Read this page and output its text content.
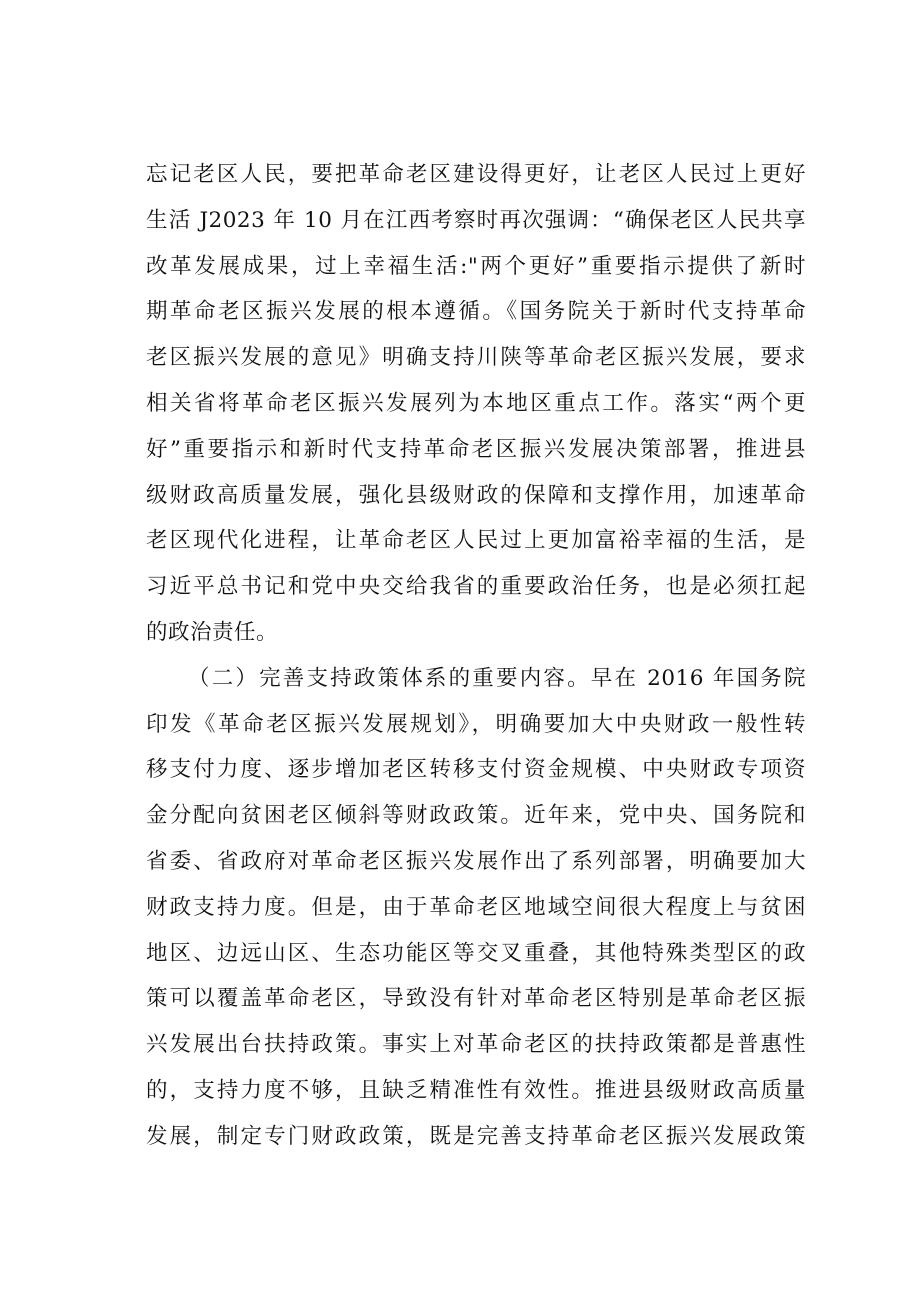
忘记老区人民，要把革命老区建设得更好，让老区人民过上更好
生活 J2023 年 10 月在江西考察时再次强调：“确保老区人民共享
改革发展成果，过上幸福生活:"两个更好”重要指示提供了新时
期革命老区振兴发展的根本遵循。《国务院关于新时代支持革命
老区振兴发展的意见》明确支持川陕等革命老区振兴发展，要求
相关省将革命老区振兴发展列为本地区重点工作。落实“两个更
好”重要指示和新时代支持革命老区振兴发展决策部署，推进县
级财政高质量发展，强化县级财政的保障和支撑作用，加速革命
老区现代化进程，让革命老区人民过上更加富裕幸福的生活，是
习近平总书记和党中央交给我省的重要政治任务，也是必须扛起
的政治责任。
（二）完善支持政策体系的重要内容。早在 2016 年国务院
印发《革命老区振兴发展规划》，明确要加大中央财政一般性转
移支付力度、逐步增加老区转移支付资金规模、中央财政专项资
金分配向贫困老区倾斜等财政政策。近年来，党中央、国务院和
省委、省政府对革命老区振兴发展作出了系列部署，明确要加大
财政支持力度。但是，由于革命老区地域空间很大程度上与贫困
地区、边远山区、生态功能区等交叉重叠，其他特殊类型区的政
策可以覆盖革命老区，导致没有针对革命老区特别是革命老区振
兴发展出台扶持政策。事实上对革命老区的扶持政策都是普惠性
的，支持力度不够，且缺乏精准性有效性。推进县级财政高质量
发展，制定专门财政政策，既是完善支持革命老区振兴发展政策
